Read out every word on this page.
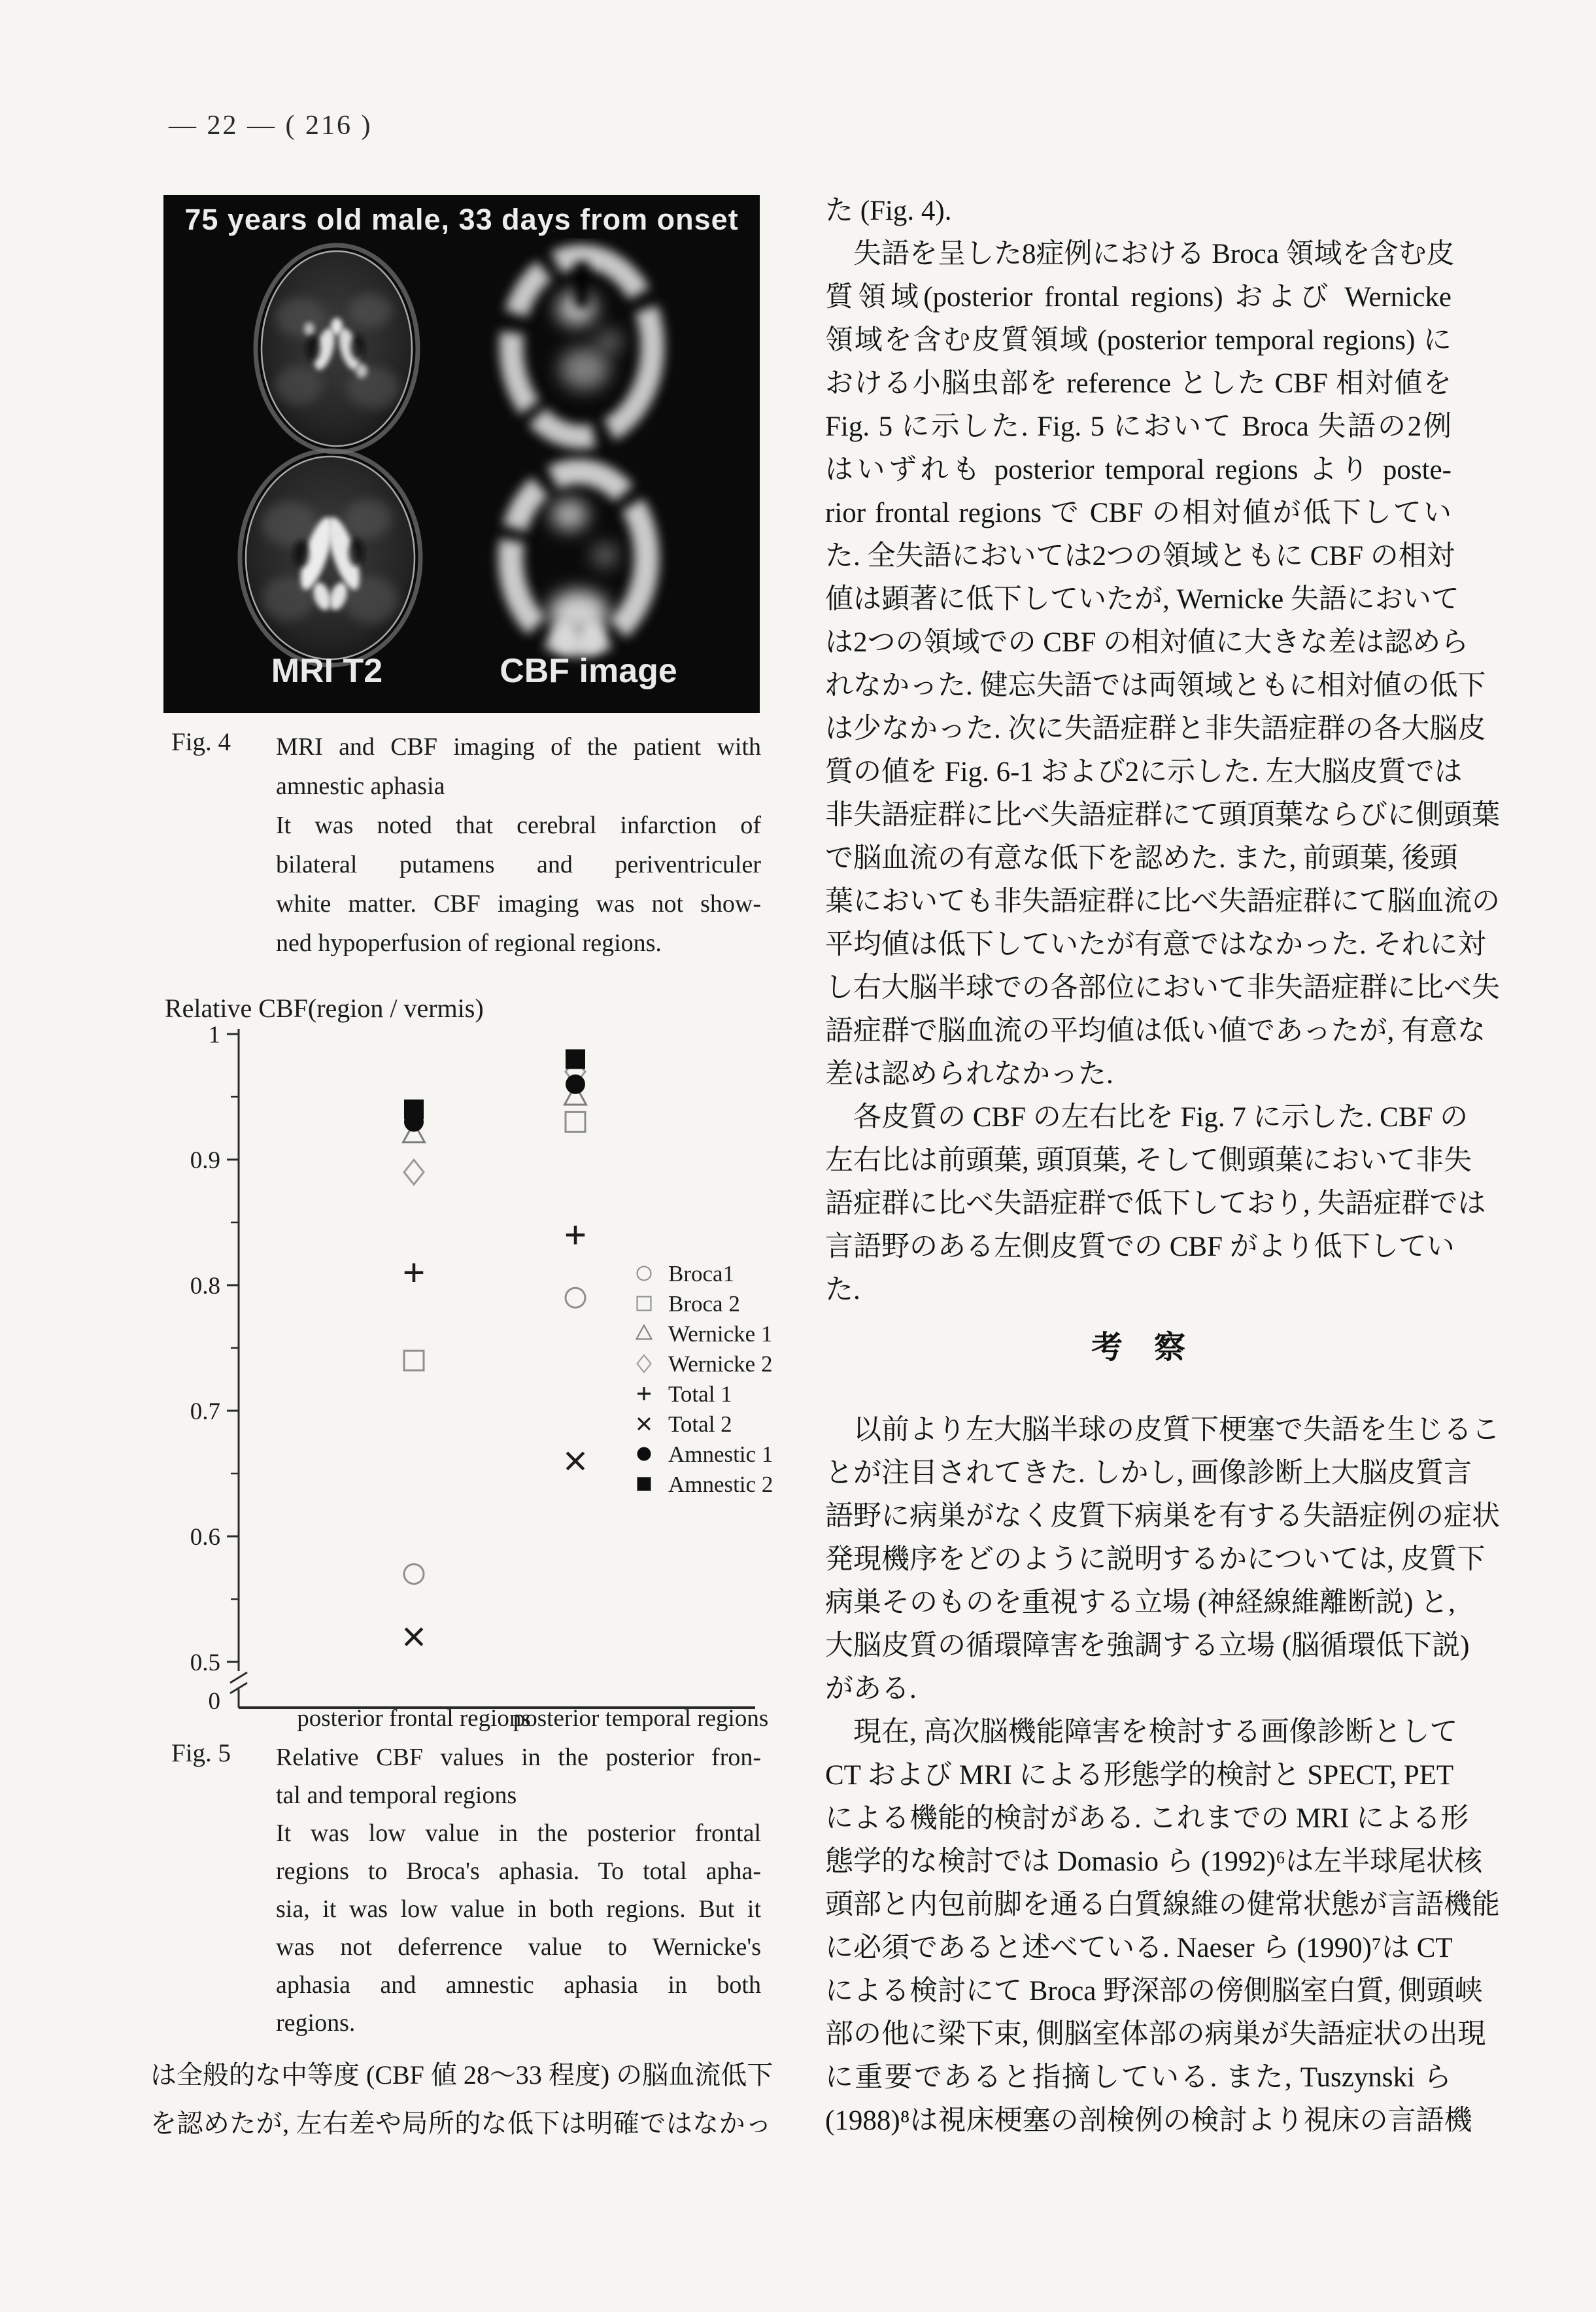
— 22 — ( 216 )
75 years old male, 33 days from onset
MRI T2	CBF image
Fig. 4 MRI and CBF imaging of the patient with
amnestic aphasia
It was noted that cerebral infarction of
bilateral putamens and periventriculer
white matter. CBF imaging was not show-
ned hypoperfusion of regional regions.
Relative CBF(region / vermis)
1
0.9
0.8
0.7
0.6
0.5
0
posterior frontal regions
posterior temporal regions
Broca1
Broca 2
Wernicke 1
Wernicke 2
Total 1
Total 2
Amnestic 1
Amnestic 2
Fig. 5 Relative CBF values in the posterior fron-
tal and temporal regions
It was low value in the posterior frontal
regions to Broca's aphasia. To total apha-
sia, it was low value in both regions. But it
was not deferrence value to Wernicke's
aphasia and amnestic aphasia in both
regions.
は全般的な中等度 (CBF 値 28〜33 程度) の脳血流低下
を認めたが, 左右差や局所的な低下は明確ではなかっ
た (Fig. 4).
　失語を呈した8症例における Broca 領域を含む皮
質領域(posterior frontal regions) および Wernicke
領域を含む皮質領域 (posterior temporal regions) に
おける小脳虫部を reference とした CBF 相対値を
Fig. 5 に示した. Fig. 5 において Broca 失語の2例
はいずれも posterior temporal regions より poste-
rior frontal regions で CBF の相対値が低下してい
た. 全失語においては2つの領域ともに CBF の相対
値は顕著に低下していたが, Wernicke 失語において
は2つの領域での CBF の相対値に大きな差は認めら
れなかった. 健忘失語では両領域ともに相対値の低下
は少なかった. 次に失語症群と非失語症群の各大脳皮
質の値を Fig. 6-1 および2に示した. 左大脳皮質では
非失語症群に比べ失語症群にて頭頂葉ならびに側頭葉
で脳血流の有意な低下を認めた. また, 前頭葉, 後頭
葉においても非失語症群に比べ失語症群にて脳血流の
平均値は低下していたが有意ではなかった. それに対
し右大脳半球での各部位において非失語症群に比べ失
語症群で脳血流の平均値は低い値であったが, 有意な
差は認められなかった.
　各皮質の CBF の左右比を Fig. 7 に示した. CBF の
左右比は前頭葉, 頭頂葉, そして側頭葉において非失
語症群に比べ失語症群で低下しており, 失語症群では
言語野のある左側皮質での CBF がより低下してい
た.
考　察
　以前より左大脳半球の皮質下梗塞で失語を生じるこ
とが注目されてきた. しかし, 画像診断上大脳皮質言
語野に病巣がなく皮質下病巣を有する失語症例の症状
発現機序をどのように説明するかについては, 皮質下
病巣そのものを重視する立場 (神経線維離断説) と,
大脳皮質の循環障害を強調する立場 (脳循環低下説)
がある.
　現在, 高次脳機能障害を検討する画像診断として
CT および MRI による形態学的検討と SPECT, PET
による機能的検討がある. これまでの MRI による形
態学的な検討では Domasio ら (1992)⁶は左半球尾状核
頭部と内包前脚を通る白質線維の健常状態が言語機能
に必須であると述べている. Naeser ら (1990)⁷は CT
による検討にて Broca 野深部の傍側脳室白質, 側頭峡
部の他に梁下束, 側脳室体部の病巣が失語症状の出現
に重要であると指摘している. また, Tuszynski ら
(1988)⁸は視床梗塞の剖検例の検討より視床の言語機
